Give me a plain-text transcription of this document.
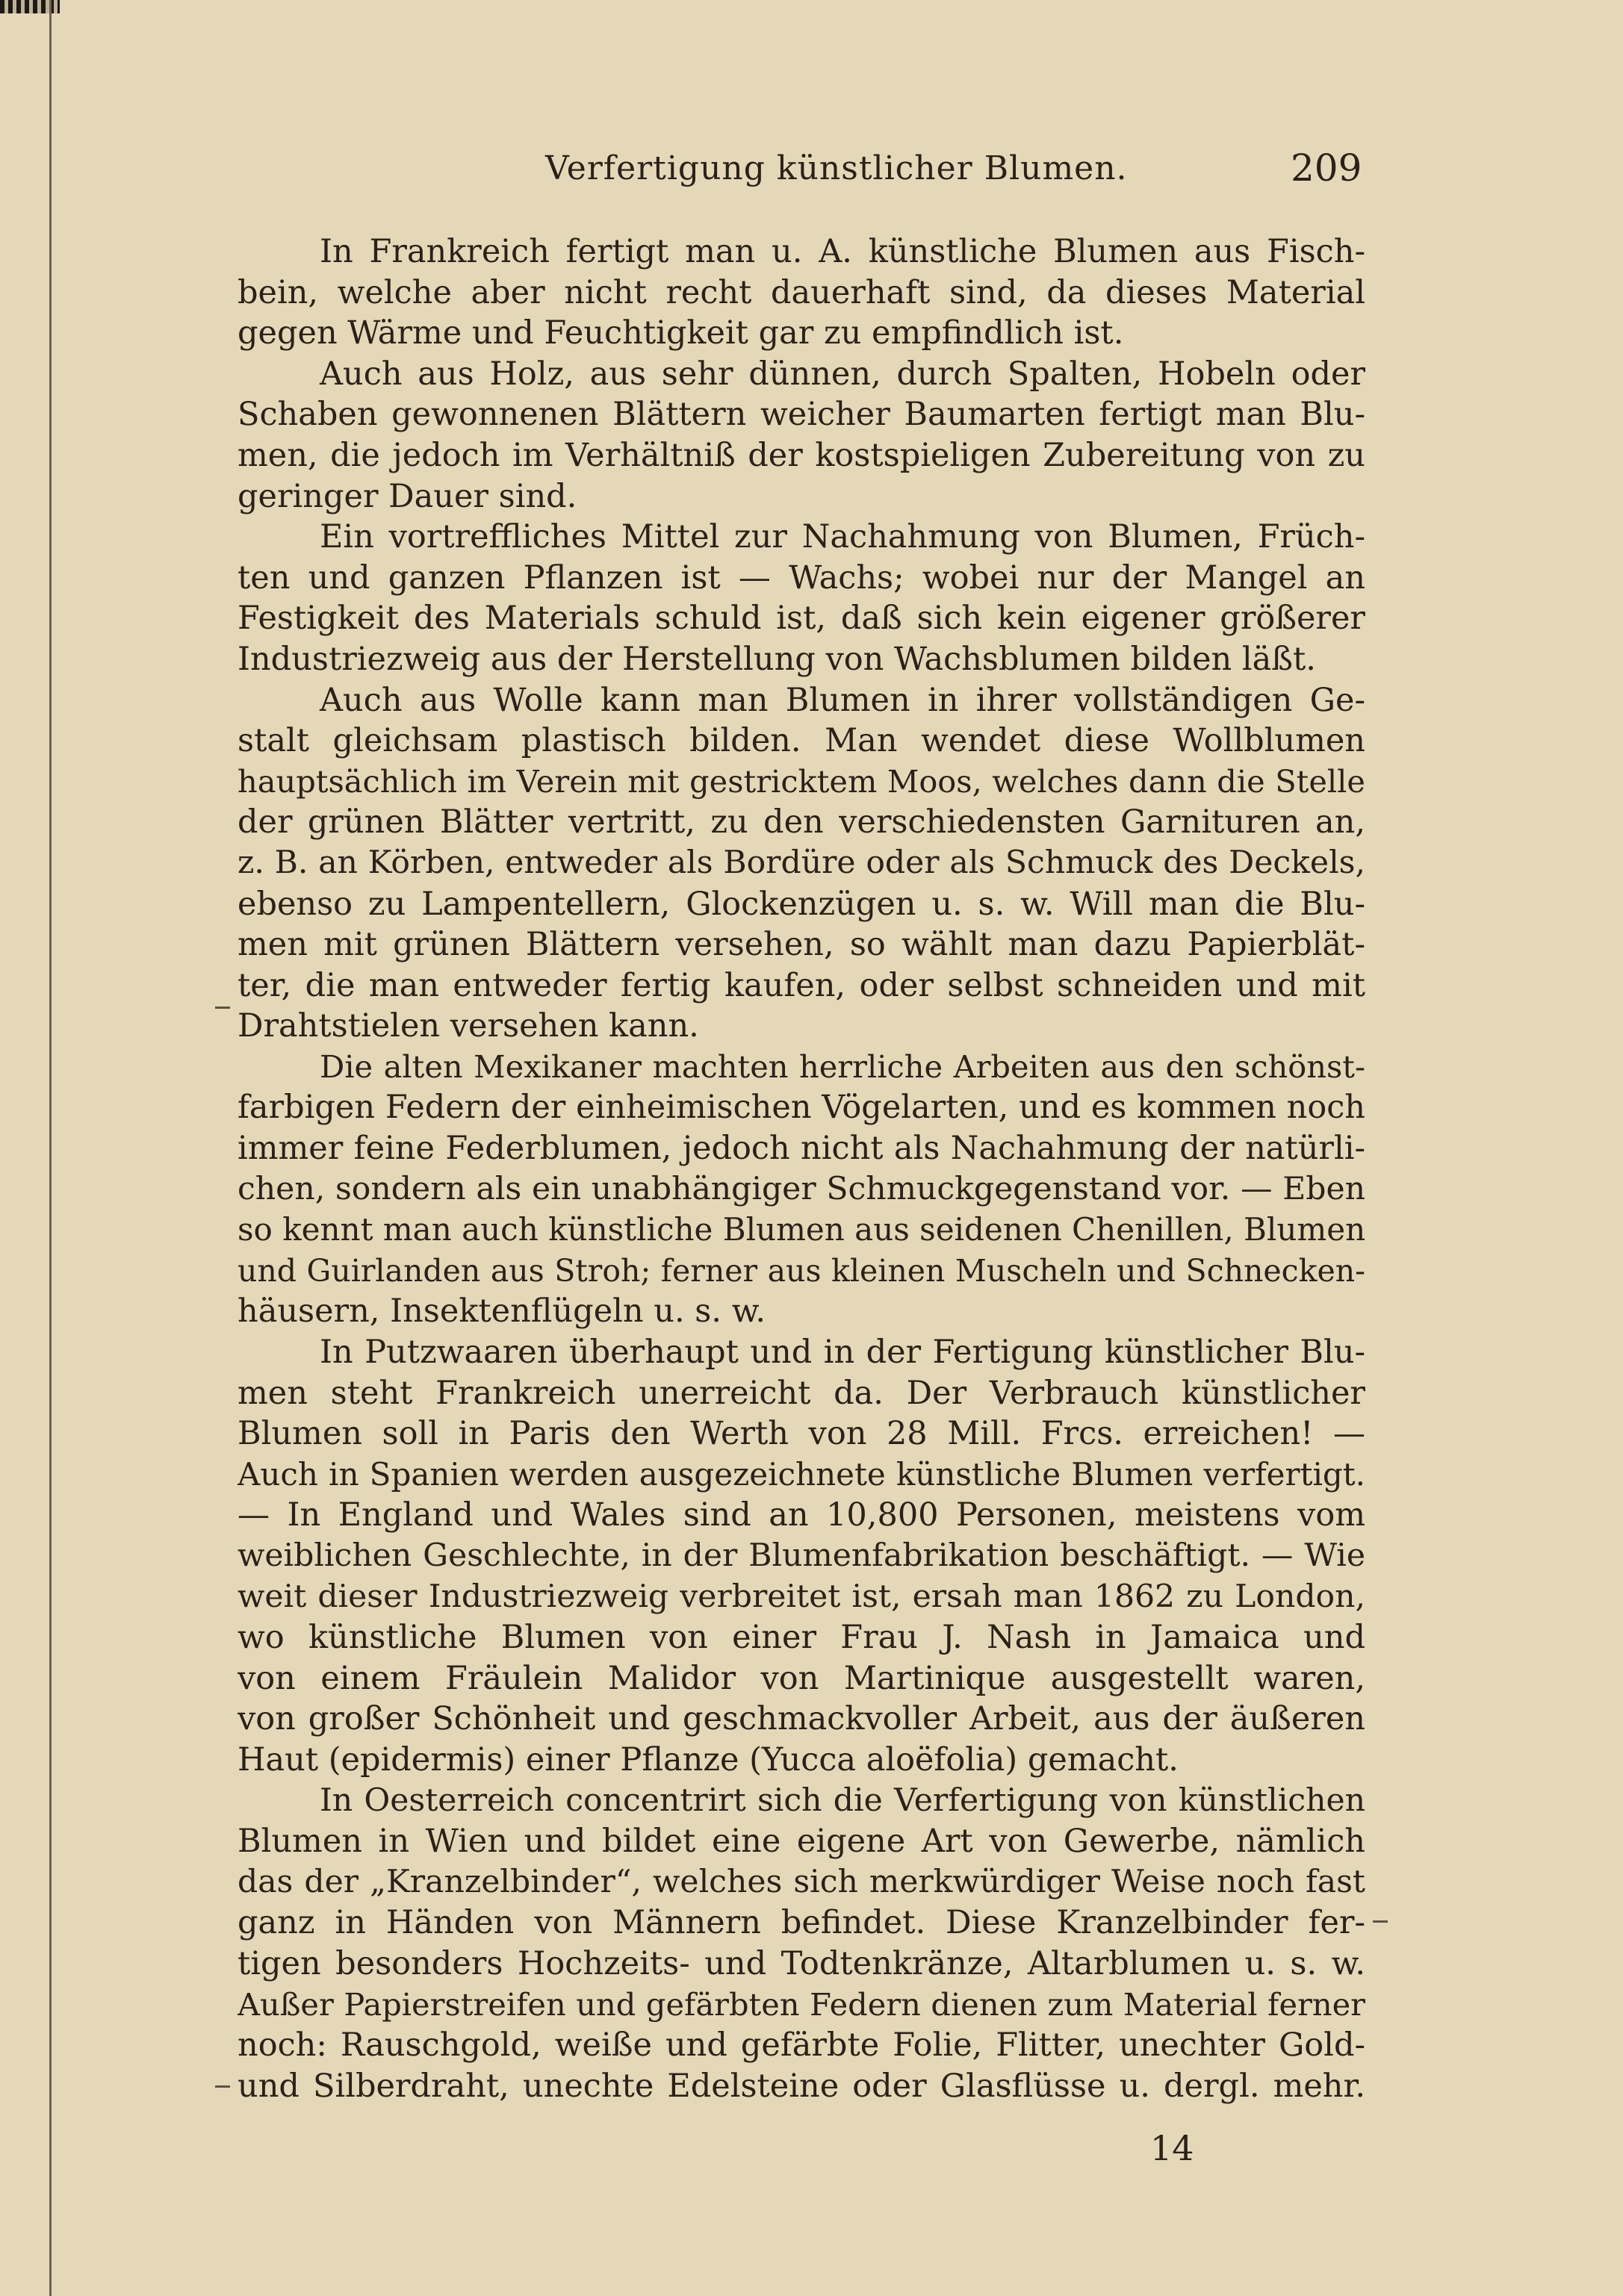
Verfertigung künstlicher Blumen.	209
In Frankreich fertigt man u. A. künstliche Blumen aus Fisch-
bein, welche aber nicht recht dauerhaft sind, da dieses Material
gegen Wärme und Feuchtigkeit gar zu empfindlich ist.
Auch aus Holz, aus sehr dünnen, durch Spalten, Hobeln oder
Schaben gewonnenen Blättern weicher Baumarten fertigt man Blu-
men, die jedoch im Verhältniß der kostspieligen Zubereitung von zu
geringer Dauer sind.
Ein vortreffliches Mittel zur Nachahmung von Blumen, Früch-
ten und ganzen Pflanzen ist — Wachs; wobei nur der Mangel an
Festigkeit des Materials schuld ist, daß sich kein eigener größerer
Industriezweig aus der Herstellung von Wachsblumen bilden läßt.
Auch aus Wolle kann man Blumen in ihrer vollständigen Ge-
stalt gleichsam plastisch bilden. Man wendet diese Wollblumen
hauptsächlich im Verein mit gestricktem Moos, welches dann die Stelle
der grünen Blätter vertritt, zu den verschiedensten Garnituren an,
z. B. an Körben, entweder als Bordüre oder als Schmuck des Deckels,
ebenso zu Lampentellern, Glockenzügen u. s. w. Will man die Blu-
men mit grünen Blättern versehen, so wählt man dazu Papierblät-
ter, die man entweder fertig kaufen, oder selbst schneiden und mit
Drahtstielen versehen kann.
Die alten Mexikaner machten herrliche Arbeiten aus den schönst-
farbigen Federn der einheimischen Vögelarten, und es kommen noch
immer feine Federblumen, jedoch nicht als Nachahmung der natürli-
chen, sondern als ein unabhängiger Schmuckgegenstand vor. — Eben
so kennt man auch künstliche Blumen aus seidenen Chenillen, Blumen
und Guirlanden aus Stroh; ferner aus kleinen Muscheln und Schnecken-
häusern, Insektenflügeln u. s. w.
In Putzwaaren überhaupt und in der Fertigung künstlicher Blu-
men steht Frankreich unerreicht da. Der Verbrauch künstlicher
Blumen soll in Paris den Werth von 28 Mill. Frcs. erreichen! —
Auch in Spanien werden ausgezeichnete künstliche Blumen verfertigt.
— In England und Wales sind an 10,800 Personen, meistens vom
weiblichen Geschlechte, in der Blumenfabrikation beschäftigt. — Wie
weit dieser Industriezweig verbreitet ist, ersah man 1862 zu London,
wo künstliche Blumen von einer Frau J. Nash in Jamaica und
von einem Fräulein Malidor von Martinique ausgestellt waren,
von großer Schönheit und geschmackvoller Arbeit, aus der äußeren
Haut (epidermis) einer Pflanze (Yucca aloëfolia) gemacht.
In Oesterreich concentrirt sich die Verfertigung von künstlichen
Blumen in Wien und bildet eine eigene Art von Gewerbe, nämlich
das der „Kranzelbinder“, welches sich merkwürdiger Weise noch fast
ganz in Händen von Männern befindet. Diese Kranzelbinder fer-
tigen besonders Hochzeits- und Todtenkränze, Altarblumen u. s. w.
Außer Papierstreifen und gefärbten Federn dienen zum Material ferner
noch: Rauschgold, weiße und gefärbte Folie, Flitter, unechter Gold-
und Silberdraht, unechte Edelsteine oder Glasflüsse u. dergl. mehr.
14
